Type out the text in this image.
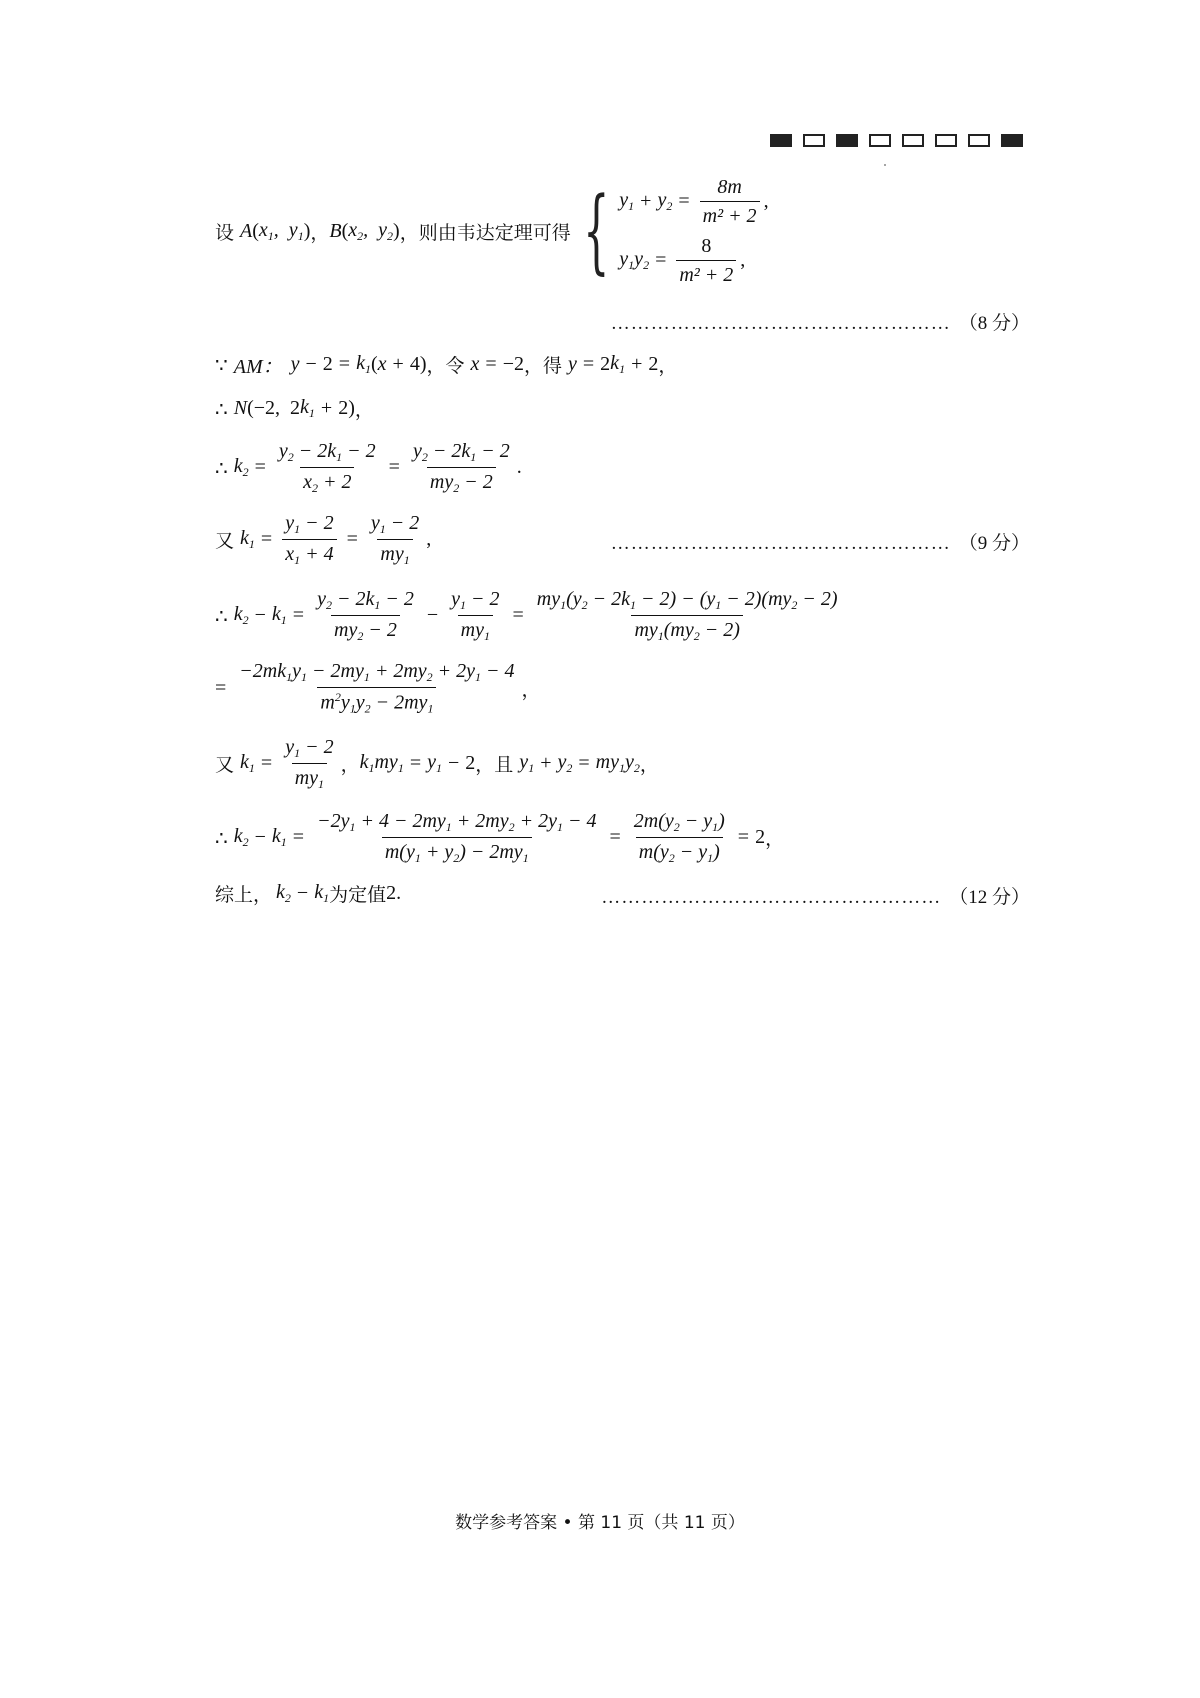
设 A ( $x_1$,  $y_1$ ) ， B ( $x_2$,  $y_2$ ) ，则由韦达定理可得 { $y_1 + y_2 = \frac{8m}{\text{m² + 2}}$ ,
$y_1y_2 = \frac{8}{\text{m² + 2}}$ ,
…………………………………………… （8 分）
∵ AM： $y - 2 = k_1$ ( x + 4) ， 令 x = −2 ， 得 y = 2 $k_1 + 2$ ，
∴ N (−2,  2 $k_1 + 2$) ，
∴ $k_2 = \frac{y_2 - 2k_1 - 2}{x_2 + 2} = \frac{y_2 - 2k_1 - 2}{my_2 - 2}$ .
又 $k_1 = \frac{y_1 - 2}{x_1 + 4} = \frac{y_1 - 2}{my_1}$ ,	…………………………………………… （9 分）
∴ $k_2 - k_1 = \frac{y_2 - 2k_1 - 2}{my_2 - 2} - \frac{y_1 - 2}{my_1} = \frac{my_1(y_2 - 2k_1 - 2) - (y_1 - 2)(my_2 - 2)}{my_1(my_2 - 2)}$
= $\frac{-2mk_1y_1 - 2my_1 + 2my_2 + 2y_1 - 4}{m^2y_1y_2 - 2my_1}$ ，
又 $k_1 = \frac{y_1 - 2}{my_1}$ ， $k_1my_1 = y_1 - 2$ ， 且 $y_1 + y_2 = my_1y_2$ ，
∴ $k_2 - k_1 = \frac{-2y_1 + 4 - 2my_1 + 2my_2 + 2y_1 - 4}{m(y_1 + y_2) - 2my_1} = \frac{2m(y_2 - y_1)}{m(y_2 - y_1)} = 2$ ，
综上， $k_2 - k_1$ 为定值 2 .	…………………………………………… （12 分）
数学参考答案 • 第 11 页（共 11 页）
